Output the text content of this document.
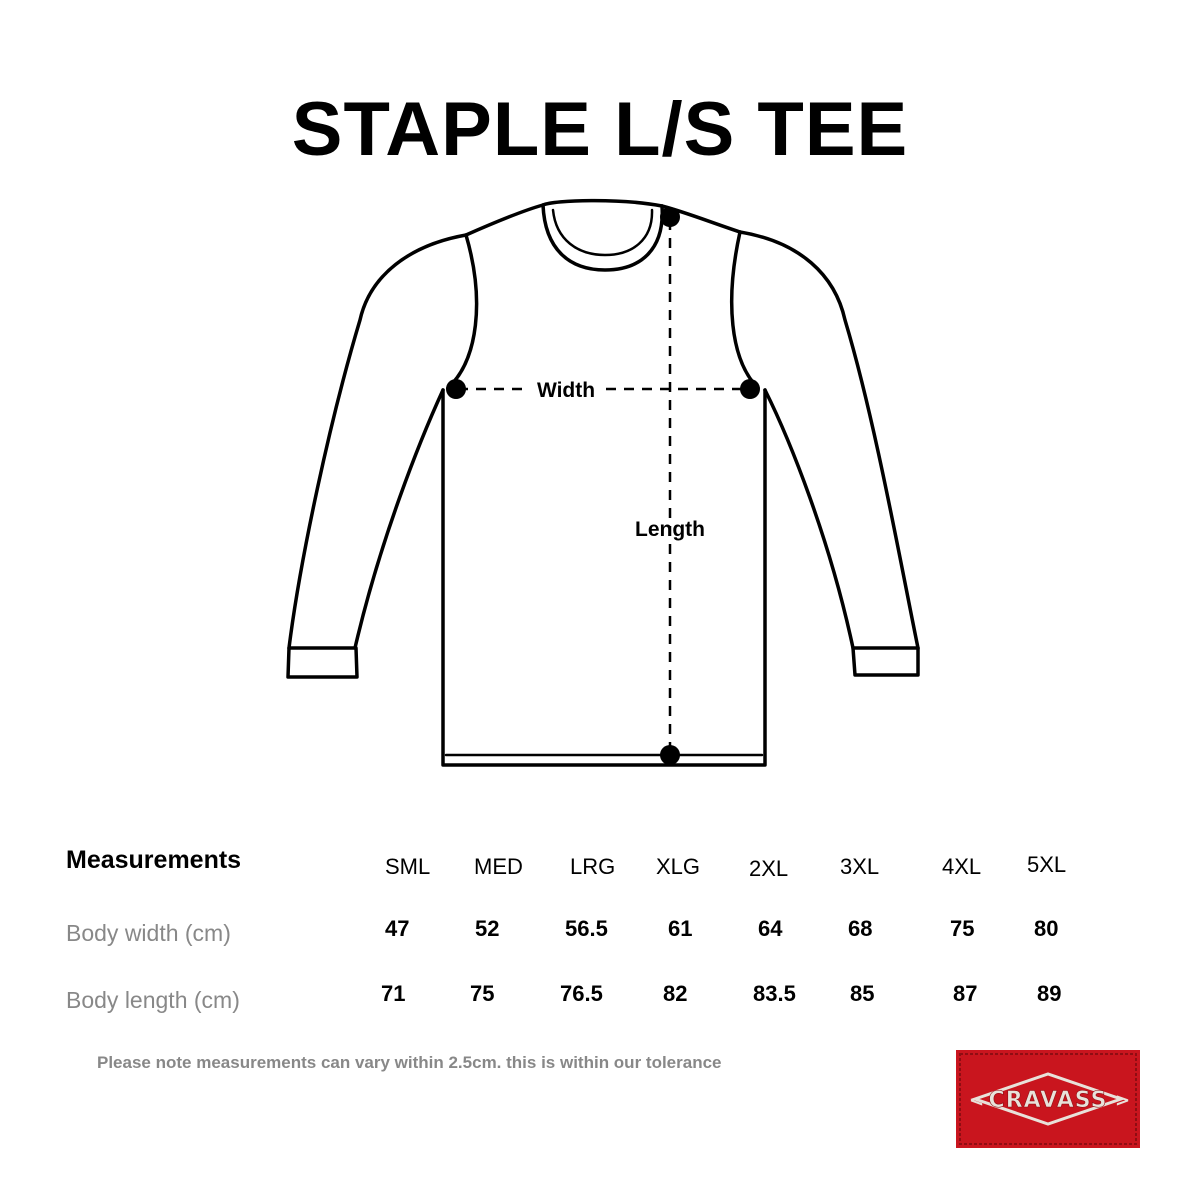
STAPLE L/S TEE
Width
Length
Measurements	SML MED LRG XLG 2XL 3XL	4XL 5XL
Body width (cm)	47	52	56.5	61	64	68	75	80
Body length (cm)	71	75	76.5	82	83.5 85	87	89
Please note measurements can vary within 2.5cm. this is within our tolerance
CRAVASS
<	>
